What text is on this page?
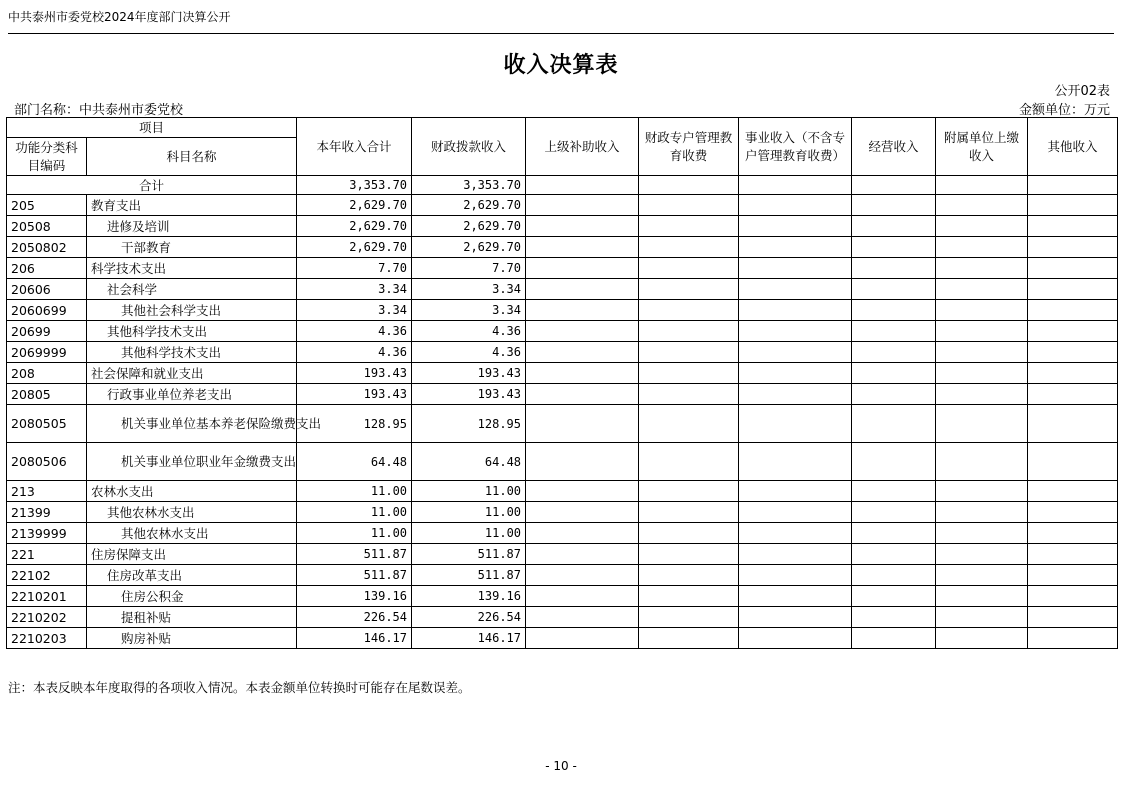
中共泰州市委党校2024年度部门决算公开
收入决算表
公开02表
部门名称：中共泰州市委党校	金额单位：万元
项目		本年收入合计	财政拨款收入	上级补助收入	财政专户管理教育收费	事业收入（不含专户管理教育收费）	经营收入	附属单位上缴收入	其他收入
功能分类科目编码	科目名称								
合计		3,353.70	3,353.70						
205	教育支出	2,629.70	2,629.70						
20508	进修及培训	2,629.70	2,629.70						
2050802	干部教育	2,629.70	2,629.70						
206	科学技术支出	7.70	7.70						
20606	社会科学	3.34	3.34						
2060699	其他社会科学支出	3.34	3.34						
20699	其他科学技术支出	4.36	4.36						
2069999	其他科学技术支出	4.36	4.36						
208	社会保障和就业支出	193.43	193.43						
20805	行政事业单位养老支出	193.43	193.43						
2080505	机关事业单位基本养老保险缴费支出	128.95	128.95						
2080506	机关事业单位职业年金缴费支出	64.48	64.48						
213	农林水支出	11.00	11.00						
21399	其他农林水支出	11.00	11.00						
2139999	其他农林水支出	11.00	11.00						
221	住房保障支出	511.87	511.87						
22102	住房改革支出	511.87	511.87						
2210201	住房公积金	139.16	139.16						
2210202	提租补贴	226.54	226.54						
2210203	购房补贴	146.17	146.17						
注：本表反映本年度取得的各项收入情况。本表金额单位转换时可能存在尾数误差。
- 10 -
